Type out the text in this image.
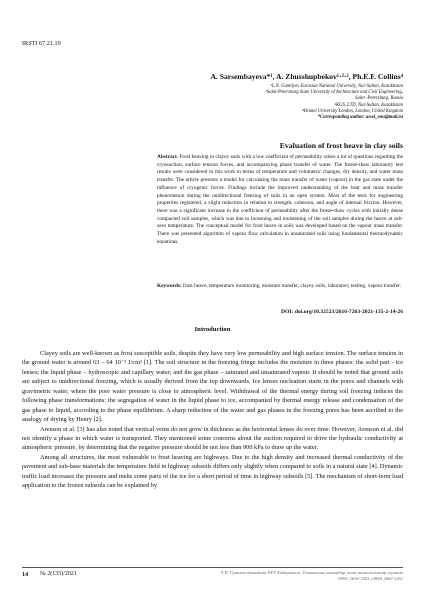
IRSTI 67.21.19
A. Sarsembayeva*¹, A. Zhusshupbekov¹·²·³, Ph.E.F. Collins⁴
¹L.N. Gumilyov Eurasian National University, Nur-Sultan, Kazakhstan
²Saint-Petersburg State University of Architecture and Civil Engineering,
Saint -Petersburg, Russia
³KGS, LTD, Nur-Sultan, Kazakhstan
⁴Brunel University London, London, United Kingdom
*Corresponding author: assel_enu@mail.ru
Evaluation of frost heave in clay soils
Abstract. Frost heaving in clayey soils with a low coefficient of permeability raises a lot of questions regarding the cryosuction, surface tension forces, and accompanying phase transfer of water. The freeze-thaw laboratory test results were considered in this work in terms of temperature and volumetric changes, dry density, and water mass transfer. The article presents a model for calculating the mass transfer of water (vapour) in the gas state under the influence of cryogenic forces. Findings include the improved understanding of the heat and mass transfer phenomenon during the unidirectional freezing of soils in an open system. Most of the tests for engineering properties registered, a slight reduction in relation to strength, cohesion, and angle of internal friction. However, there was a significant increase in the coefficient of permeability after the freeze-thaw cycles with initially dense compacted soil samples, which was due to loosening and moistening of the soil samples during the heave at sub-zero temperature. The conceptual model for frost heave in soils was developed based on the vapour mass transfer. There was presented algorithm of vapour flow calculation in unsaturated soils using fundamental thermodynamic equations.
Keywords: frost heave, temperature monitoring, moisture transfer, clayey soils, laboratory testing, vapour transfer.
DOI: doi.org/10.32523/2616-7263-2021-135-2-14-26
Introduction

Clayey soils are well-known as frost susceptible soils, despite they have very low permeability and high surface tension. The surface tension in the ground water is around 63 – 64 10⁻³ J/cm² [1]. The soil structure in the freezing fringe includes the moisture in three phases: the solid part - ice lenses; the liquid phase – hydroscopic and capillary water; and the gas phase – saturated and unsaturated vapour. It should be noted that ground soils are subject to unidirectional freezing, which is usually derived from the top downwards. Ice lenses nucleation starts in the pores and channels with gravimetric water, where the pore water pressure is close to atmospheric level. Withdrawal of the thermal energy during soil freezing induces the following phase transformations: the segregation of water in the liquid phase to ice, accompanied by thermal energy release and condensation of the gas phase to liquid, according to the phase equilibrium. A sharp reduction of the water and gas phases in the freezing pores has been ascribed to the analogy of drying by Henry [2].

Arenson et al. [3] has also noted that vertical veins do not grow in thickness as the horizontal lenses do over time. However, Arenson et al. did not identify a phase in which water is transported. They mentioned some concerns about the suction required to drive the hydraulic conductivity at atmospheric pressure, by determining that the negative pressure should be not less than 900 kPa to draw up the water.

Among all structures, the most vulnerable to frost heaving are highways. Due to the high density and increased thermal conductivity of the pavement and sub-base materials the temperature field in highway subsoils differs only slightly when compared to soils in a natural state [4]. Dynamic traffic load increases the pressure and melts some parts of the ice for a short period of time in highway subsoils [5]. The mechanism of short-term load application to the frozen subsoils can be explained by

14 № 2(135)/2021	Л.Н. Гумилев атындағы ЕҰУ Хабаршысы. Техникалық ғылымдар және технологиялар сериясы
ISSN: 2616-7263, eISSN 2663-1261
